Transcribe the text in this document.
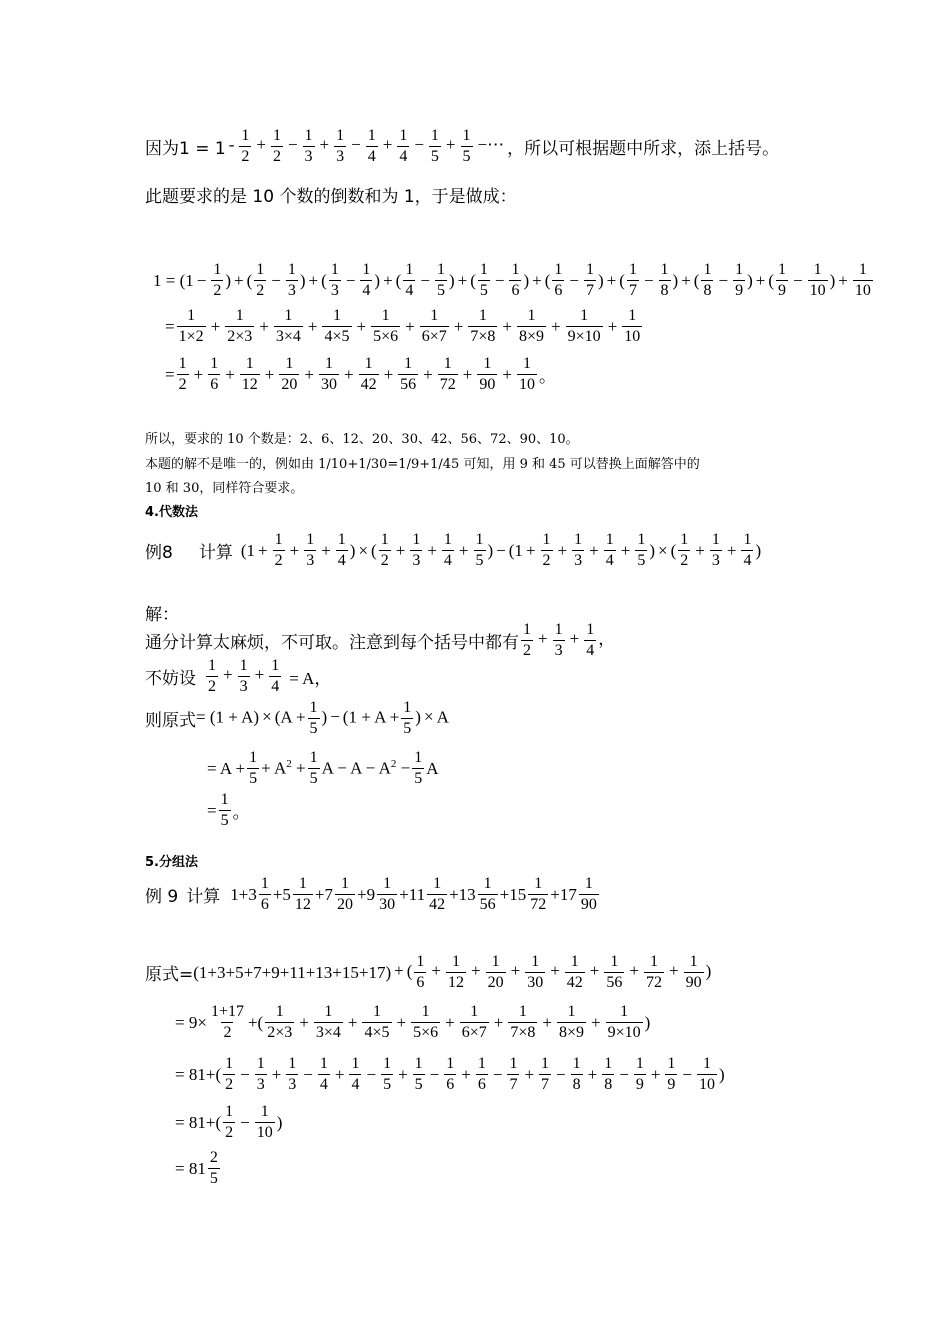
因为$1 = 1 - \frac{1}{2} + \frac{1}{2} - \frac{1}{3} + \frac{1}{3} - \frac{1}{4} + \frac{1}{4} - \frac{1}{5} + \frac{1}{5}$ −⋯ ，所以可根据题中所求，添上括号。
此题要求的是 10 个数的倒数和为 1，于是做成：
$1 = (1 - \frac{1}{2}$ ) + ( $\frac{1}{2} - \frac{1}{3}$ ) + ( $\frac{1}{3} - \frac{1}{4}$ ) + ( $\frac{1}{4} - \frac{1}{5}$ ) + ( $\frac{1}{5} - \frac{1}{6}$ ) + ( $\frac{1}{6} - \frac{1}{7}$ ) + ( $\frac{1}{7} - \frac{1}{8}$ ) + ( $\frac{1}{8} - \frac{1}{9}$ ) + ( $\frac{1}{9} - \frac{1}{10}$ ) + $\frac{1}{10}$
= $\frac{1}{1\times 2} + \frac{1}{2\times 3} + \frac{1}{3\times 4} + \frac{1}{4\times 5} + \frac{1}{5\times 6} + \frac{1}{6\times 7} + \frac{1}{7\times 8} + \frac{1}{8\times 9} + \frac{1}{9\times 10} + \frac{1}{10}$
= $\frac{1}{2} + \frac{1}{6} + \frac{1}{12} + \frac{1}{20} + \frac{1}{30} + \frac{1}{42} + \frac{1}{56} + \frac{1}{72} + \frac{1}{90} + \frac{1}{10}$ 。
所以，要求的 10 个数是：2、6、12、20、30、42、56、72、90、10。
本题的解不是唯一的，例如由 1/10+1/30=1/9+1/45 可知，用 9 和 45 可以替换上面解答中的
10 和 30，同样符合要求。
4.代数法
例8 计算 ($1 + \frac{1}{2} + \frac{1}{3} + \frac{1}{4}$ ) × ( $\frac{1}{2} + \frac{1}{3} + \frac{1}{4} + \frac{1}{5}$ ) − ($1 + \frac{1}{2} + \frac{1}{3} + \frac{1}{4} + \frac{1}{5}$ ) × ( $\frac{1}{2} + \frac{1}{3} + \frac{1}{4}$ )
解：
通分计算太麻烦，不可取。注意到每个括号中都有 $\frac{1}{2} + \frac{1}{3} + \frac{1}{4}$ ，
不妨设 $\frac{1}{2} + \frac{1}{3} + \frac{1}{4} = A$，
则原式 = $(1 + A) \times (A + \frac{1}{5}$ ) − ($1 + A + \frac{1}{5}$ ) × A
= $A + \frac{1}{5} + A^2 + \frac{1}{5}$ $A - A - A^2 - \frac{1}{5}$ A
= $\frac{1}{5}$ 。
5.分组法
例 9 计算 1+3
1
6
+5
1
12
+7
1
20
+9
1
30
+11
1
42
+13
1
56
+15
1
72
+17
1
90
原式= (1+3+5+7+9+11+13+15+17) + ( $\frac{1}{6} + \frac{1}{12} + \frac{1}{20} + \frac{1}{30} + \frac{1}{42} + \frac{1}{56} + \frac{1}{72} + \frac{1}{90}$ )
= $9\times \frac{1+17}{2}$ +(
1
2×3
+ $\frac{1}{3\times 4} + \frac{1}{4\times 5} + \frac{1}{5\times 6} + \frac{1}{6\times 7} + \frac{1}{7\times 8} + \frac{1}{8\times 9} + \frac{1}{9\times 10}$ )
= 81+ (
1
2
− $\frac{1}{3} + \frac{1}{3} - \frac{1}{4} + \frac{1}{4} - \frac{1}{5} + \frac{1}{5} - \frac{1}{6} + \frac{1}{6} - \frac{1}{7} + \frac{1}{7} - \frac{1}{8} + \frac{1}{8} - \frac{1}{9} + \frac{1}{9} - \frac{1}{10}$ )
= 81+ (
1
2
− $\frac{1}{10}$ )
= 81
2
5
